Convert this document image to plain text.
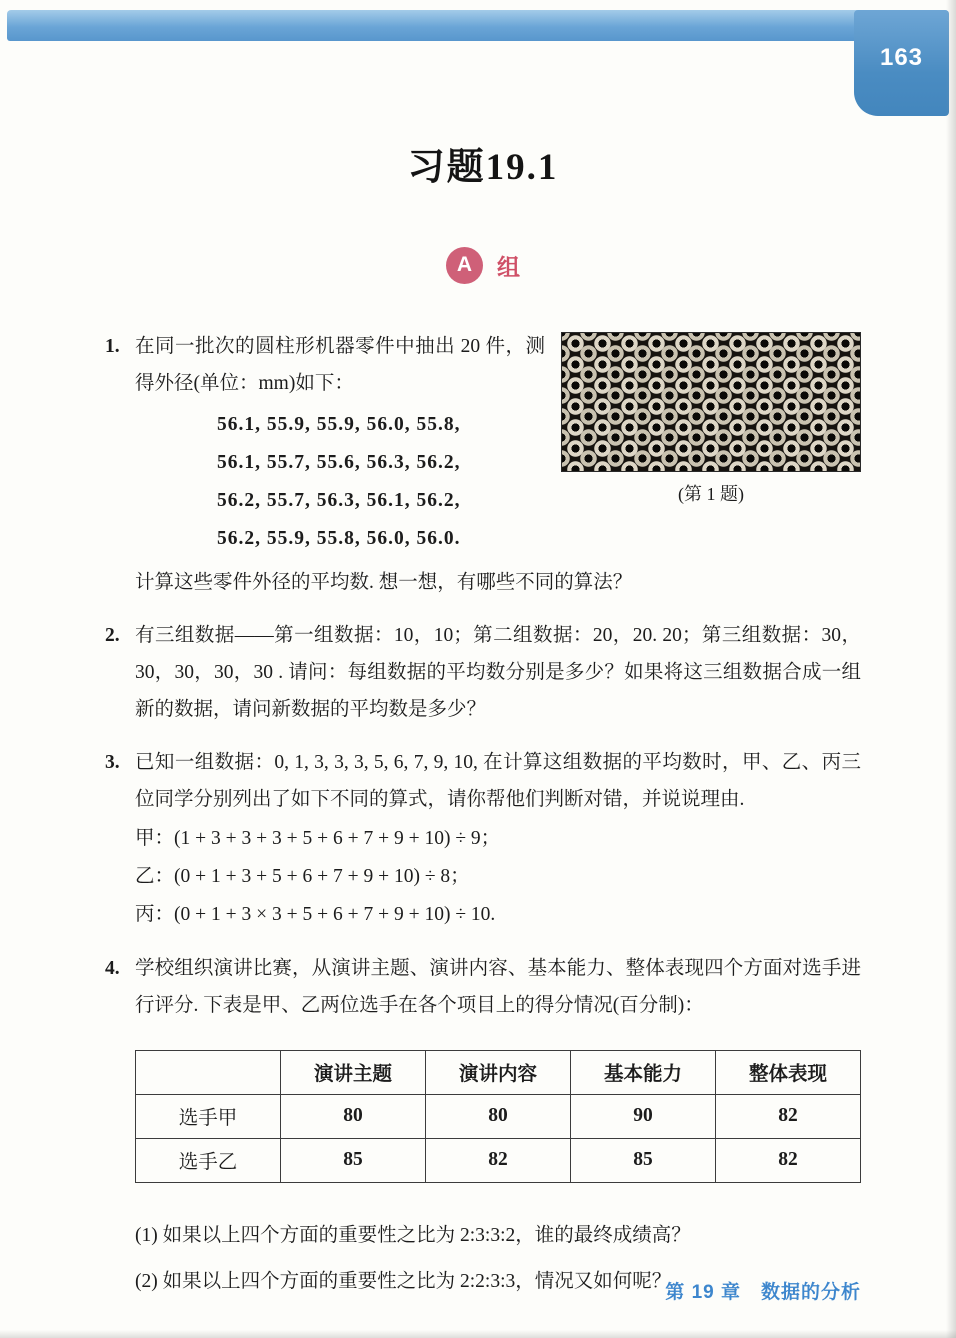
163
习题19.1
A 组
1.
(第 1 题)

在同一批次的圆柱形机器零件中抽出 20 件，测得外径(单位：mm)如下：

56.1, 55.9, 55.9, 56.0, 55.8,
56.1, 55.7, 55.6, 56.3, 56.2,
56.2, 55.7, 56.3, 56.1, 56.2,
56.2, 55.9, 55.8, 56.0, 56.0.

计算这些零件外径的平均数. 想一想，有哪些不同的算法？

2. 有三组数据——第一组数据：10，10；第二组数据：20，20. 20；第三组数据：30，30，30，30，30 . 请问：每组数据的平均数分别是多少？如果将这三组数据合成一组新的数据，请问新数据的平均数是多少？

3. 已知一组数据：0, 1, 3, 3, 3, 5, 6, 7, 9, 10, 在计算这组数据的平均数时，甲、乙、丙三位同学分别列出了如下不同的算式，请你帮他们判断对错，并说说理由.

甲：(1 + 3 + 3 + 3 + 5 + 6 + 7 + 9 + 10) ÷ 9；
乙：(0 + 1 + 3 + 5 + 6 + 7 + 9 + 10) ÷ 8；
丙：(0 + 1 + 3 × 3 + 5 + 6 + 7 + 9 + 10) ÷ 10.
4. 学校组织演讲比赛，从演讲主题、演讲内容、基本能力、整体表现四个方面对选手进行评分. 下表是甲、乙两位选手在各个项目上的得分情况(百分制)：

	演讲主题	演讲内容	基本能力	整体表现
选手甲	80	80	90	82
选手乙	85	82	85	82

(1) 如果以上四个方面的重要性之比为 2:3:3:2，谁的最终成绩高？

(2) 如果以上四个方面的重要性之比为 2:2:3:3，情况又如何呢？

第 19 章　数据的分析
